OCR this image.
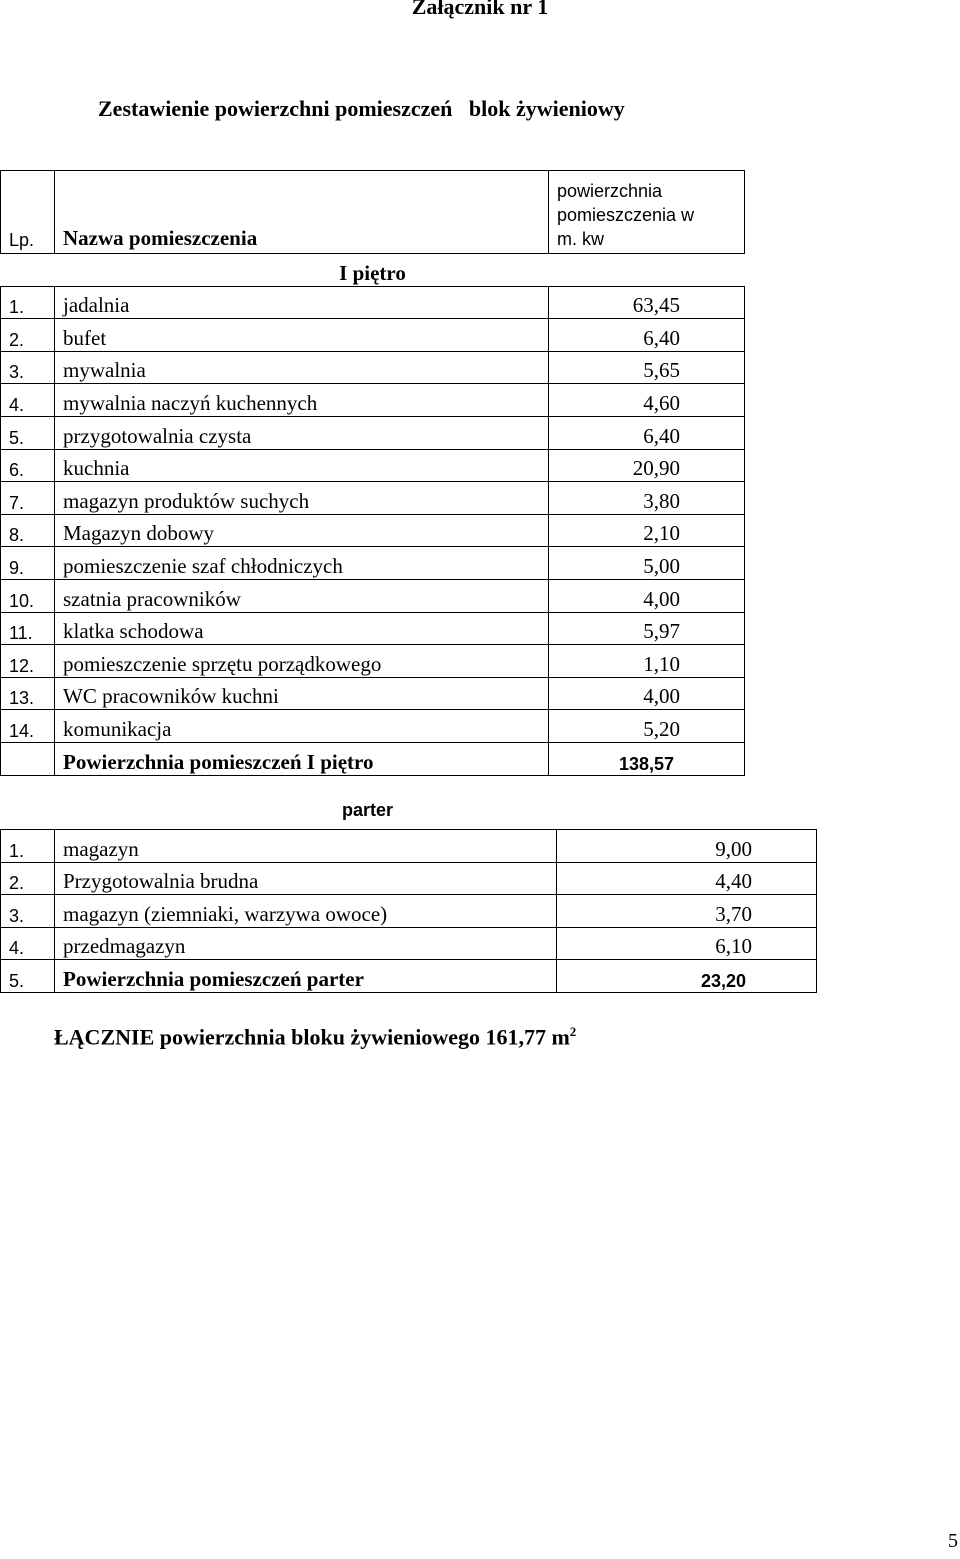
Załącznik nr 1
Zestawienie powierzchni pomieszczeń   blok żywieniowy
Lp.	Nazwa pomieszczenia	powierzchnia
pomieszczenia w
m. kw

I piętro		
1.	jadalnia	63,45
2.	bufet	6,40
3.	mywalnia	5,65
4.	mywalnia naczyń kuchennych	4,60
5.	przygotowalnia czysta	6,40
6.	kuchnia	20,90
7.	magazyn produktów suchych	3,80
8.	Magazyn dobowy	2,10
9.	pomieszczenie szaf chłodniczych	5,00
10.	szatnia pracowników	4,00
11.	klatka schodowa	5,97
12.	pomieszczenie sprzętu porządkowego	1,10
13.	WC pracowników kuchni	4,00
14.	komunikacja	5,20
	Powierzchnia pomieszczeń I piętro	138,57
parter
1.	magazyn	9,00
2.	Przygotowalnia brudna	4,40
3.	magazyn (ziemniaki, warzywa owoce)	3,70
4.	przedmagazyn	6,10
5.	Powierzchnia pomieszczeń parter	23,20
ŁĄCZNIE powierzchnia bloku żywieniowego 161,77 $m^2$
5
